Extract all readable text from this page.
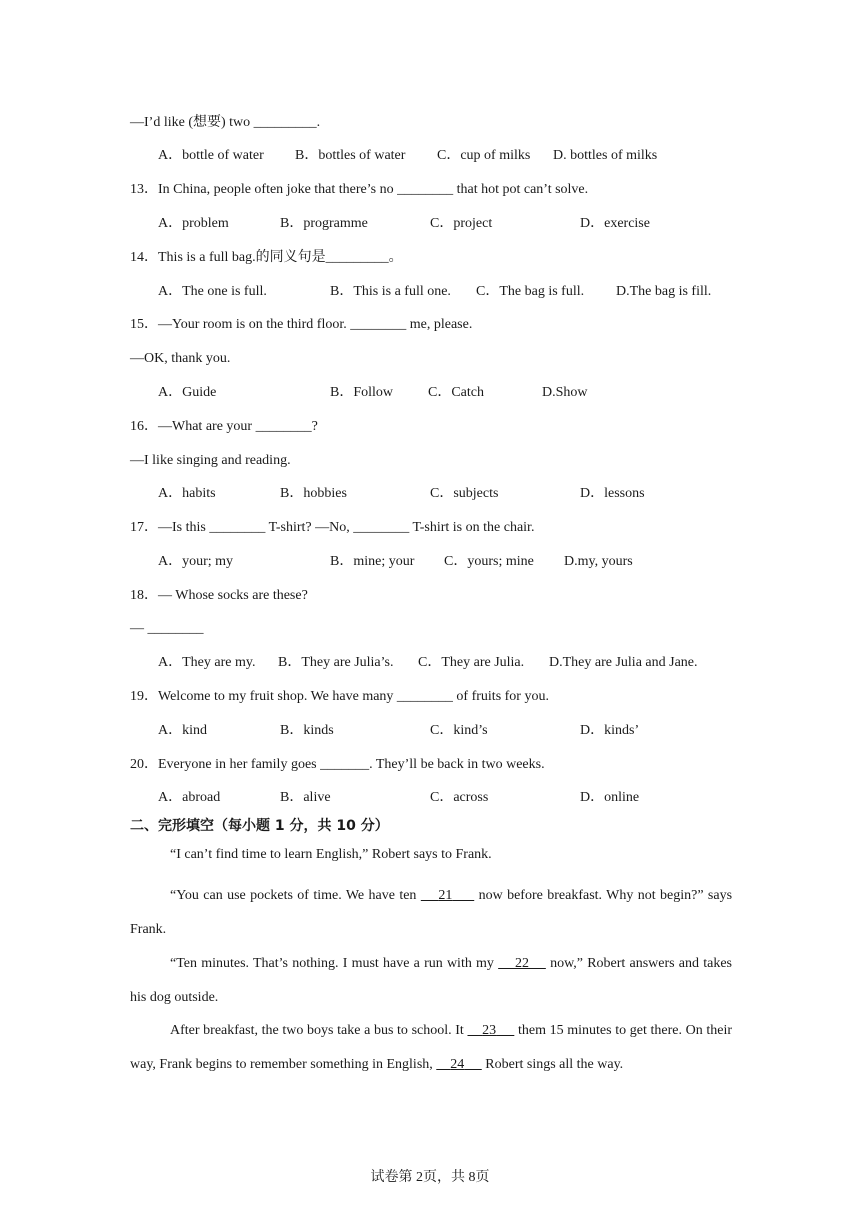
—I’d like (想要) two _________.
A．bottle of water B．bottles of water C．cup of milks D. bottles of milks
13．In China, people often joke that there’s no ________ that hot pot can’t solve.
A．problem	B．programme	C．project	D．exercise
14．This is a full bag.的同义句是_________。
A．The one is full.	B．This is a full one. C．The bag is full. D.The bag is fill.
15．—Your room is on the third floor. ________ me, please.
—OK, thank you.
A．Guide	B．Follow C．Catch	D.Show
16．—What are your ________?
—I like singing and reading.
A．habits	B．hobbies	C．subjects	D．lessons
17．—Is this ________ T-shirt? —No, ________ T-shirt is on the chair.
A．your; my	B．mine; your C．yours; mine D.my, yours
18．— Whose socks are these?
— ________
A．They are my. B．They are Julia’s. C．They are Julia. D.They are Julia and Jane.
19．Welcome to my fruit shop. We have many ________ of fruits for you.
A．kind	B．kinds	C．kind’s	D．kinds’
20．Everyone in her family goes _______. They’ll be back in two weeks.
A．abroad	B．alive	C．across	D．online
二、完形填空（每小题 1 分，共 10 分）
“I can’t find time to learn English,” Robert says to Frank.
“You can use pockets of time. We have ten 21 now before breakfast. Why not begin?” says Frank.
“Ten minutes. That’s nothing. I must have a run with my 22 now,” Robert answers and takes his dog outside.
After breakfast, the two boys take a bus to school. It 23 them 15 minutes to get there. On their way, Frank begins to remember something in English, 24 Robert sings all the way.
试卷第 2页，共 8页
